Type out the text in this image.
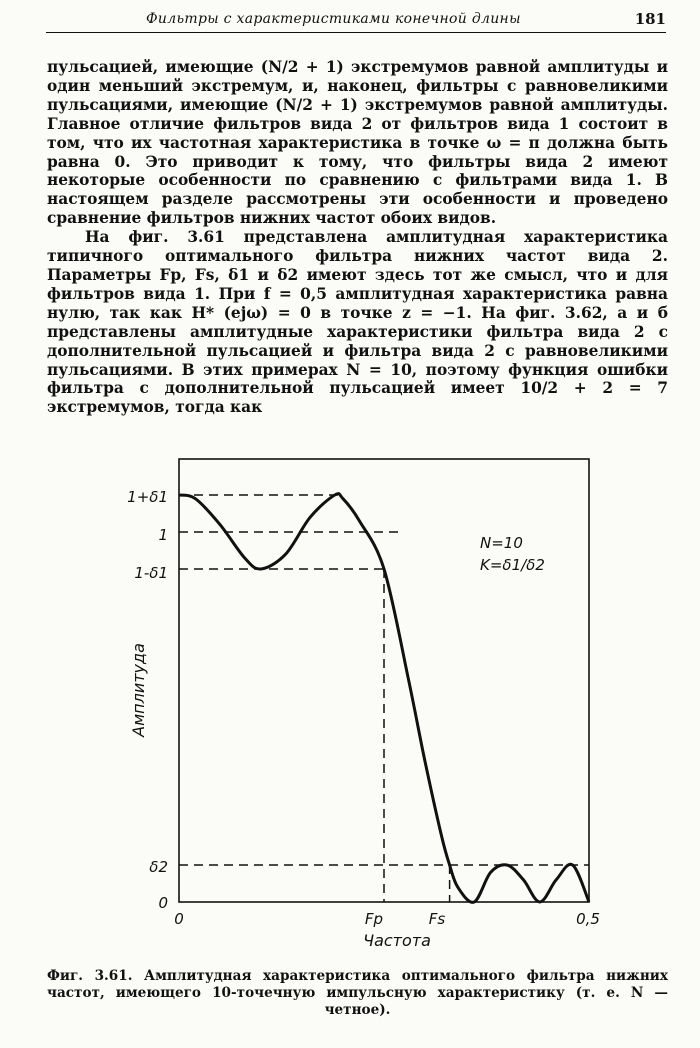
Фильтры с характеристиками конечной длины	181

пульсацией, имеющие (N/2 + 1) экстремумов равной амплитуды и один меньший экстремум, и, наконец, фильтры с равновеликими пульсациями, имеющие (N/2 + 1) экстремумов равной амплитуды. Главное отличие фильтров вида 2 от фильтров вида 1 состоит в том, что их частотная характеристика в точке ω = π должна быть равна 0. Это приводит к тому, что фильтры вида 2 имеют некоторые особенности по сравнению с фильтрами вида 1. В настоящем разделе рассмотрены эти особенности и проведено сравнение фильтров нижних частот обоих видов.

На фиг. 3.61 представлена амплитудная характеристика типичного оптимального фильтра нижних частот вида 2. Параметры Fp, Fs, δ1 и δ2 имеют здесь тот же смысл, что и для фильтров вида 1. При f = 0,5 амплитудная характеристика равна нулю, так как H* (ejω) = 0 в точке z = −1. На фиг. 3.62, а и б представлены амплитудные характеристики фильтра вида 2 с дополнительной пульсацией и фильтра вида 2 с равновеликими пульсациями. В этих примерах N = 10, поэтому функция ошибки фильтра с дополнительной пульсацией имеет 10/2 + 2 = 7 экстремумов, тогда как

1+δ1
1
1-δ1
δ2
0
0	Fp	Fs	0,5
Частота
Амплитуда
N=10
K=δ1/δ2
Фиг. 3.61. Амплитудная характеристика оптимального фильтра нижних частот, имеющего 10-точечную импульсную характеристику (т. е. N — четное).
